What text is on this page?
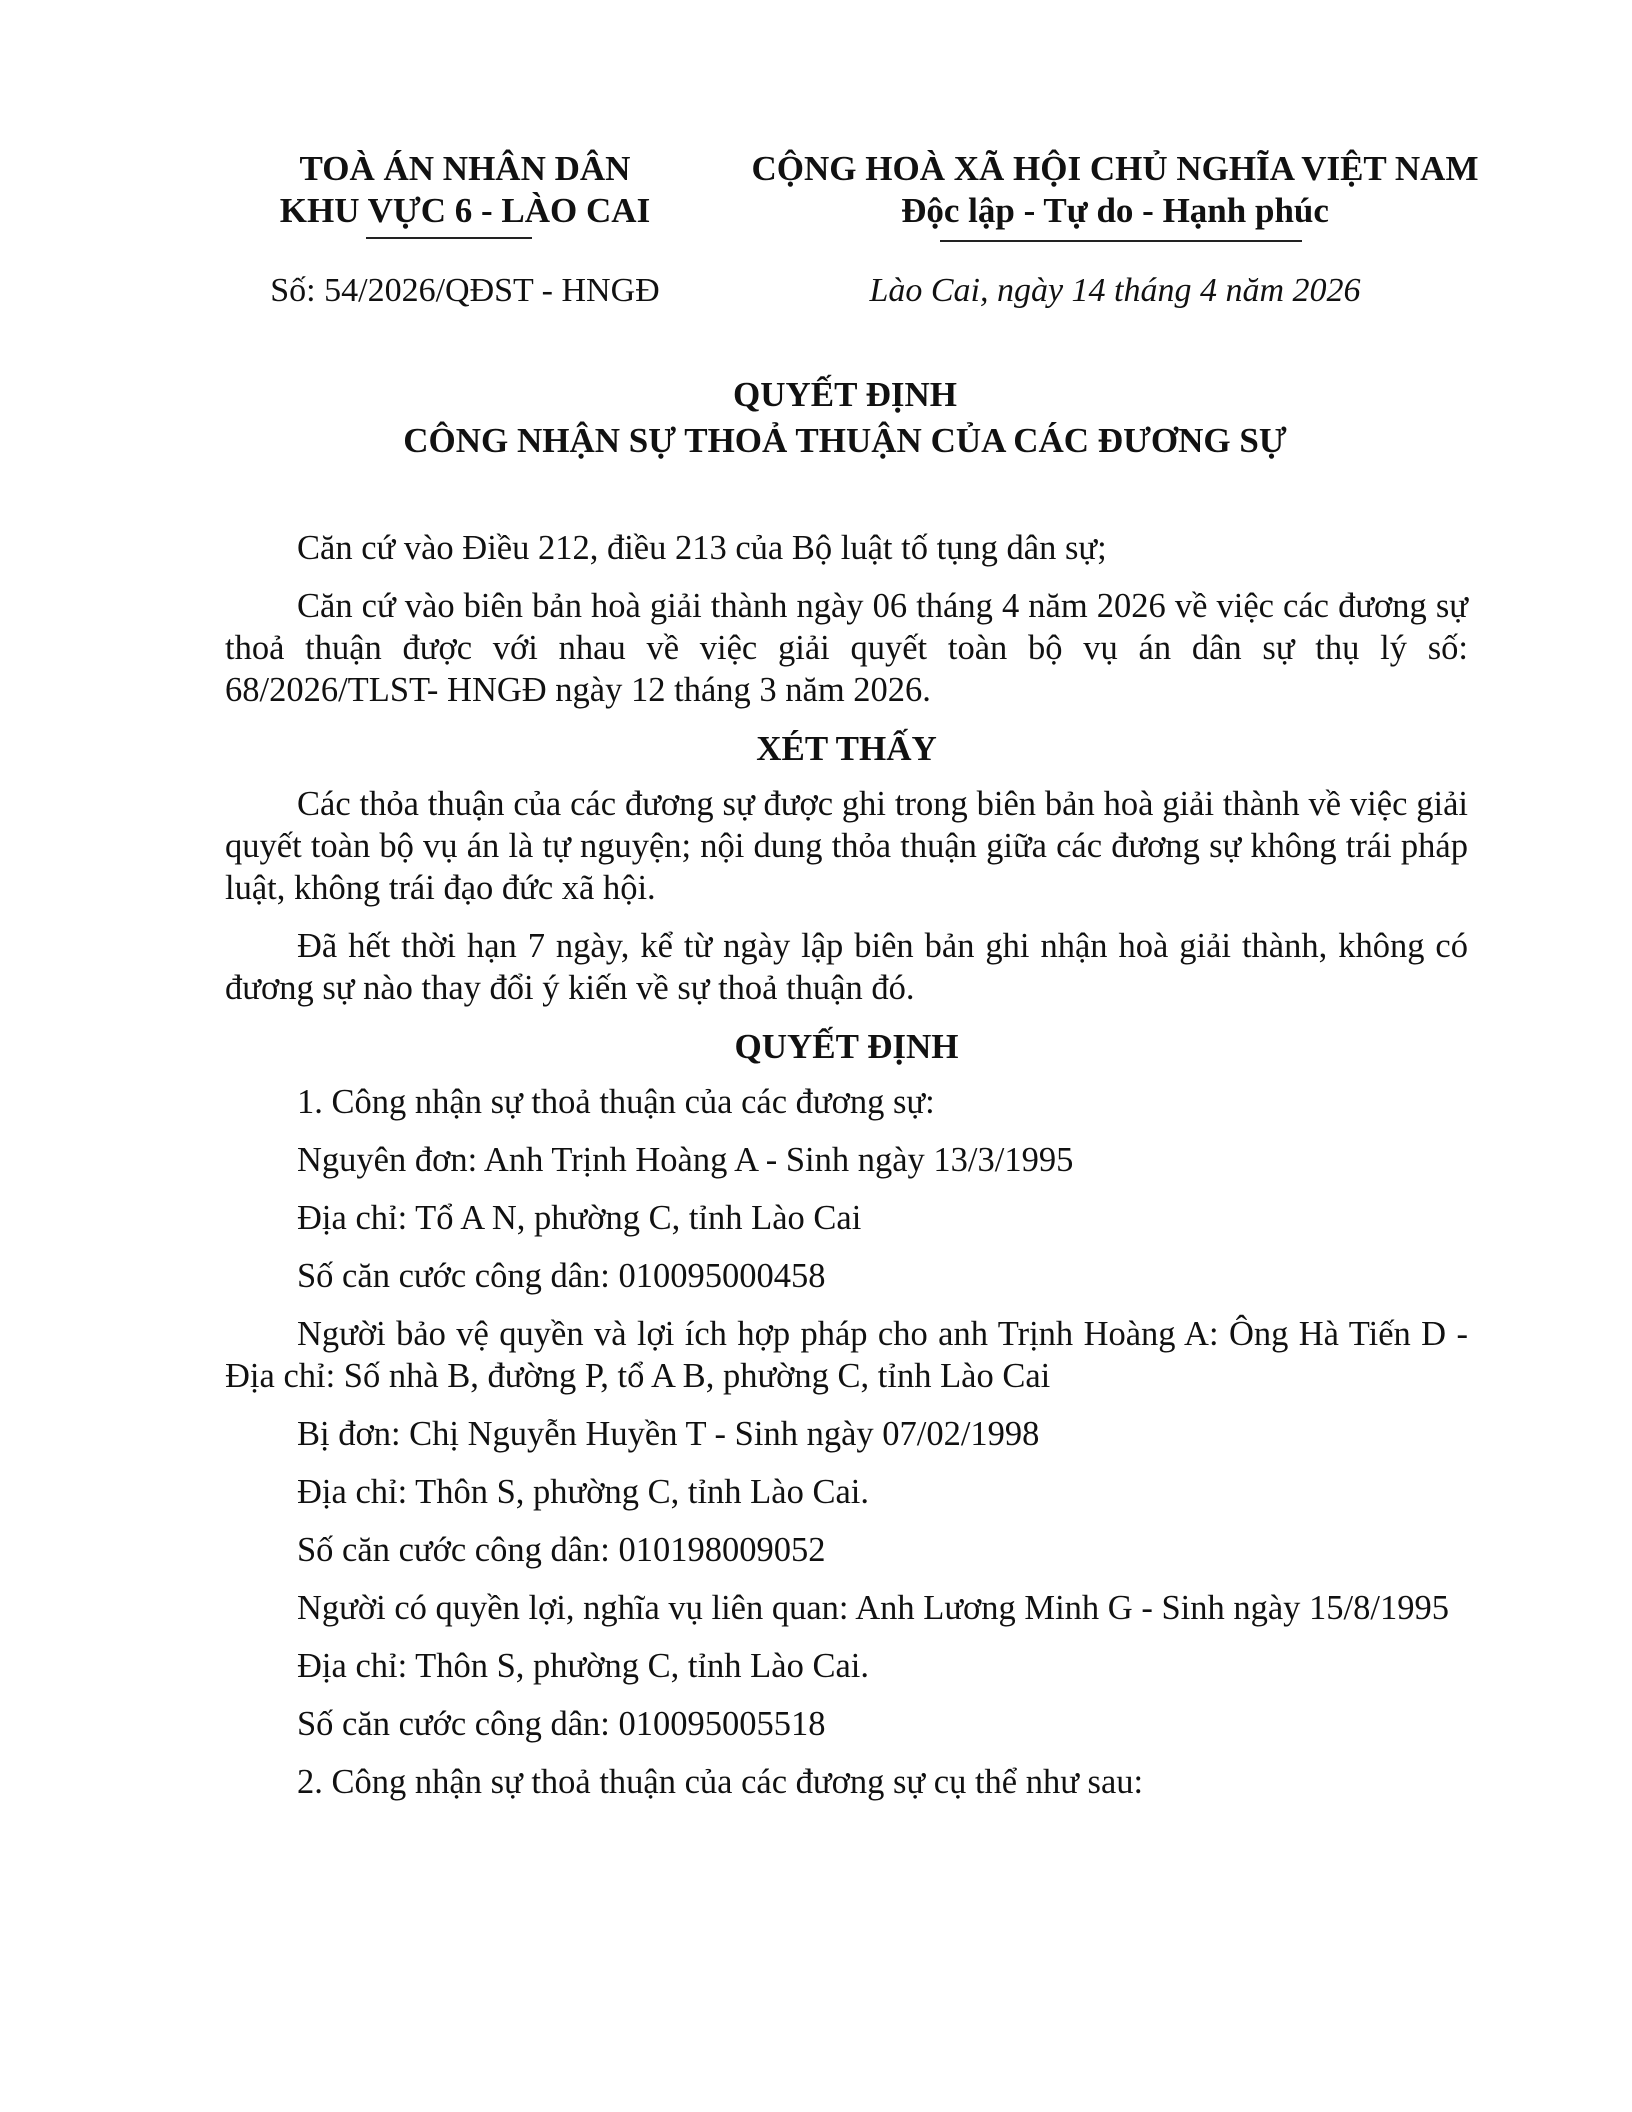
TOÀ ÁN NHÂN DÂN
KHU VỰC 6 - LÀO CAI
CỘNG HOÀ XÃ HỘI CHỦ NGHĨA VIỆT NAM
Độc lập - Tự do - Hạnh phúc
Số: 54/2026/QĐST - HNGĐ	Lào Cai, ngày 14 tháng 4 năm 2026
QUYẾT ĐỊNH
CÔNG NHẬN SỰ THOẢ THUẬN CỦA CÁC ĐƯƠNG SỰ

Căn cứ vào Điều 212, điều 213 của Bộ luật tố tụng dân sự;

Căn cứ vào biên bản hoà giải thành ngày 06 tháng 4 năm 2026 về việc các đương sự thoả thuận được với nhau về việc giải quyết toàn bộ vụ án dân sự thụ lý số: 68/2026/TLST- HNGĐ ngày 12 tháng 3 năm 2026.

XÉT THẤY

Các thỏa thuận của các đương sự được ghi trong biên bản hoà giải thành về việc giải quyết toàn bộ vụ án là tự nguyện; nội dung thỏa thuận giữa các đương sự không trái pháp luật, không trái đạo đức xã hội.

Đã hết thời hạn 7 ngày, kể từ ngày lập biên bản ghi nhận hoà giải thành, không có đương sự nào thay đổi ý kiến về sự thoả thuận đó.

QUYẾT ĐỊNH

1. Công nhận sự thoả thuận của các đương sự:

Nguyên đơn: Anh Trịnh Hoàng A - Sinh ngày 13/3/1995

Địa chỉ: Tổ A N, phường C, tỉnh Lào Cai

Số căn cước công dân: 010095000458

Người bảo vệ quyền và lợi ích hợp pháp cho anh Trịnh Hoàng A: Ông Hà Tiến D - Địa chỉ: Số nhà B, đường P, tổ A B, phường C, tỉnh Lào Cai

Bị đơn: Chị Nguyễn Huyền T - Sinh ngày 07/02/1998

Địa chỉ: Thôn S, phường C, tỉnh Lào Cai.

Số căn cước công dân: 010198009052

Người có quyền lợi, nghĩa vụ liên quan: Anh Lương Minh G - Sinh ngày 15/8/1995

Địa chỉ: Thôn S, phường C, tỉnh Lào Cai.

Số căn cước công dân: 010095005518

2. Công nhận sự thoả thuận của các đương sự cụ thể như sau:
